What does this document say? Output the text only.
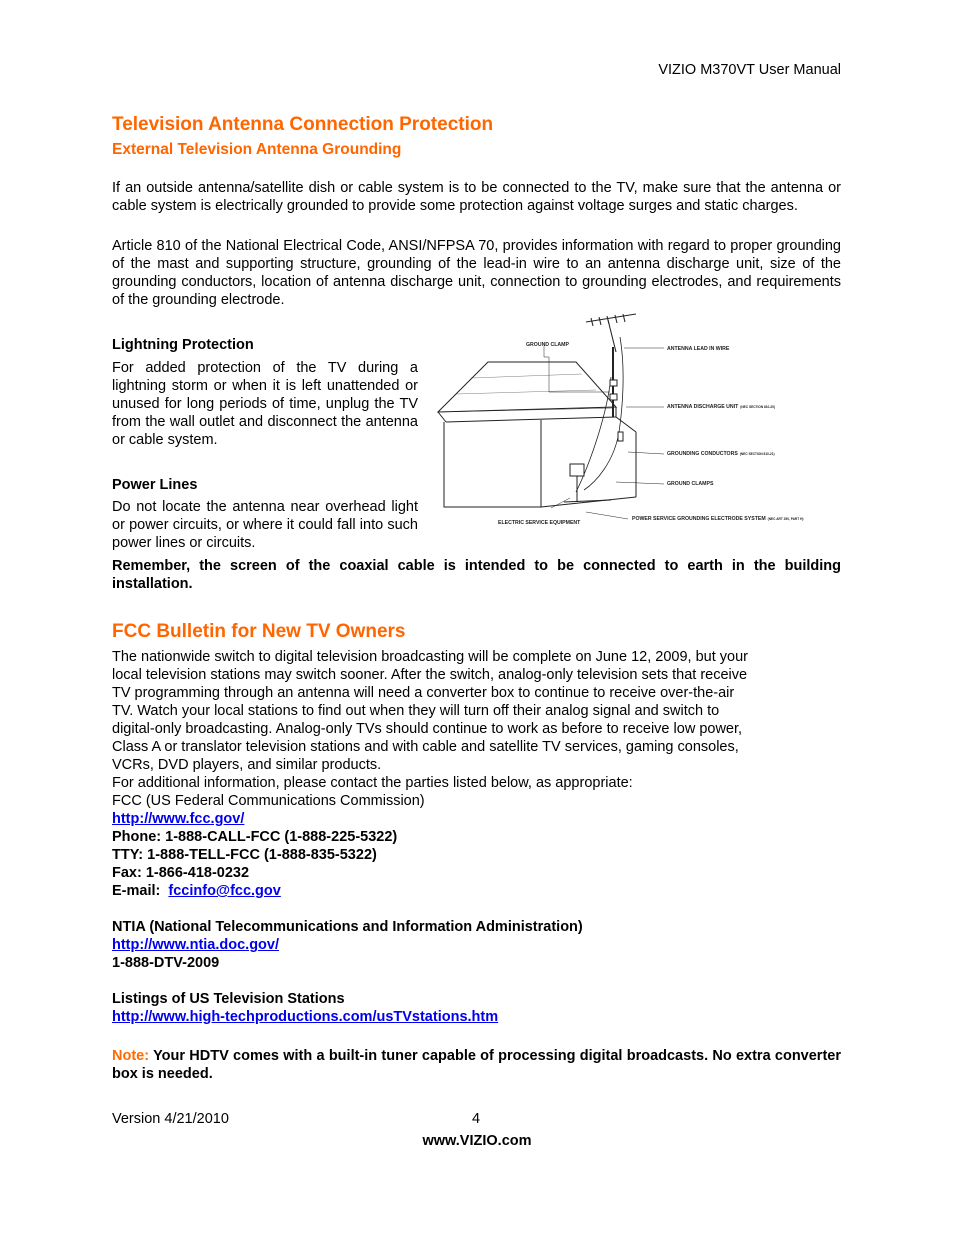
VIZIO M370VT User Manual
Television Antenna Connection Protection
External Television Antenna Grounding
If an outside antenna/satellite dish or cable system is to be connected to the TV, make sure that the antenna or cable system is electrically grounded to provide some protection against voltage surges and static charges.
Article 810 of the National Electrical Code, ANSI/NFPSA 70, provides information with regard to proper grounding of the mast and supporting structure, grounding of the lead-in wire to an antenna discharge unit, size of the grounding conductors, location of antenna discharge unit, connection to grounding electrodes, and requirements of the grounding electrode.
Lightning Protection
For added protection of the TV during a lightning storm or when it is left unattended or unused for long periods of time, unplug the TV from the wall outlet and disconnect the antenna or cable system.
Power Lines
Do not locate the antenna near overhead light or power circuits, or where it could fall into such power lines or circuits.
GROUND CLAMP
ANTENNA LEAD IN WIRE
ANTENNA DISCHARGE UNIT (NEC SECTION 810-20)
GROUNDING CONDUCTORS (NEC SECTION 810-21)
GROUND CLAMPS
ELECTRIC SERVICE EQUIPMENT
POWER SERVICE GROUNDING ELECTRODE SYSTEM (NEC ART 250, PART H)
Remember, the screen of the coaxial cable is intended to be connected to earth in the building installation.
FCC Bulletin for New TV Owners
The nationwide switch to digital television broadcasting will be complete on June 12, 2009, but your
local television stations may switch sooner. After the switch, analog-only television sets that receive
TV programming through an antenna will need a converter box to continue to receive over-the-air
TV. Watch your local stations to find out when they will turn off their analog signal and switch to
digital-only broadcasting. Analog-only TVs should continue to work as before to receive low power,
Class A or translator television stations and with cable and satellite TV services, gaming consoles,
VCRs, DVD players, and similar products.
For additional information, please contact the parties listed below, as appropriate:
FCC (US Federal Communications Commission)
http://www.fcc.gov/
Phone: 1-888-CALL-FCC (1-888-225-5322)
TTY: 1-888-TELL-FCC (1-888-835-5322)
Fax: 1-866-418-0232
E-mail: fccinfo@fcc.gov
NTIA (National Telecommunications and Information Administration)
http://www.ntia.doc.gov/
1-888-DTV-2009
Listings of US Television Stations
http://www.high-techproductions.com/usTVstations.htm
Note: Your HDTV comes with a built-in tuner capable of processing digital broadcasts. No extra converter box is needed.
Version 4/21/2010	4
www.VIZIO.com
